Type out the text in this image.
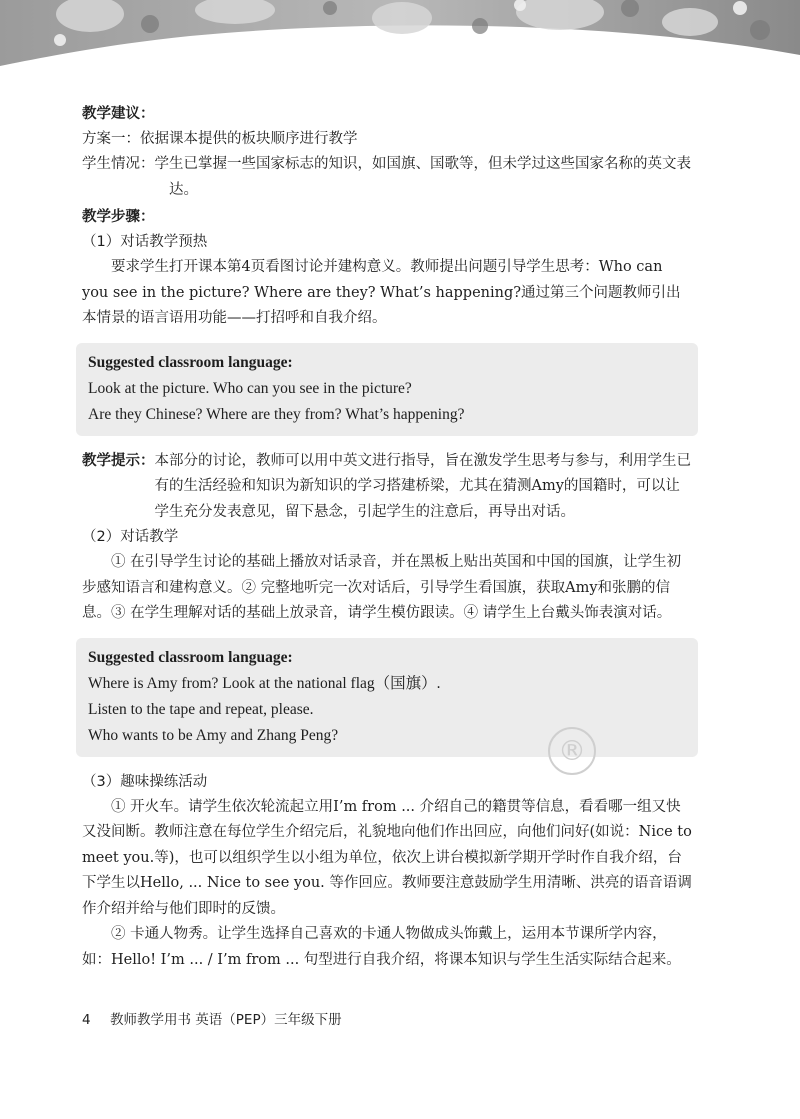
教学建议：
方案一：依据课本提供的板块顺序进行教学
学生情况：学生已掌握一些国家标志的知识，如国旗、国歌等，但未学过这些国家名称的英文表达。
教学步骤：
（1）对话教学预热
要求学生打开课本第4页看图讨论并建构意义。教师提出问题引导学生思考：Who can you see in the picture? Where are they? What’s happening?通过第三个问题教师引出本情景的语言语用功能——打招呼和自我介绍。
Suggested classroom language:
Look at the picture. Who can you see in the picture?
Are they Chinese? Where are they from? What’s happening?
教学提示：本部分的讨论，教师可以用中英文进行指导，旨在激发学生思考与参与，利用学生已有的生活经验和知识为新知识的学习搭建桥梁，尤其在猜测Amy的国籍时，可以让学生充分发表意见，留下悬念，引起学生的注意后，再导出对话。
（2）对话教学
① 在引导学生讨论的基础上播放对话录音，并在黑板上贴出英国和中国的国旗，让学生初步感知语言和建构意义。② 完整地听完一次对话后，引导学生看国旗，获取Amy和张鹏的信息。③ 在学生理解对话的基础上放录音，请学生模仿跟读。④ 请学生上台戴头饰表演对话。
Suggested classroom language:
Where is Amy from? Look at the national flag（国旗）.
Listen to the tape and repeat, please.
Who wants to be Amy and Zhang Peng?
（3）趣味操练活动
① 开火车。请学生依次轮流起立用I’m from ... 介绍自己的籍贯等信息，看看哪一组又快又没间断。教师注意在每位学生介绍完后，礼貌地向他们作出回应，向他们问好(如说：Nice to meet you.等)，也可以组织学生以小组为单位，依次上讲台模拟新学期开学时作自我介绍，台下学生以Hello, ... Nice to see you. 等作回应。教师要注意鼓励学生用清晰、洪亮的语音语调作介绍并给与他们即时的反馈。
② 卡通人物秀。让学生选择自己喜欢的卡通人物做成头饰戴上，运用本节课所学内容，如：Hello! I’m ... / I’m from ... 句型进行自我介绍，将课本知识与学生生活实际结合起来。
®
4 教师教学用书 英语（PEP）三年级下册
